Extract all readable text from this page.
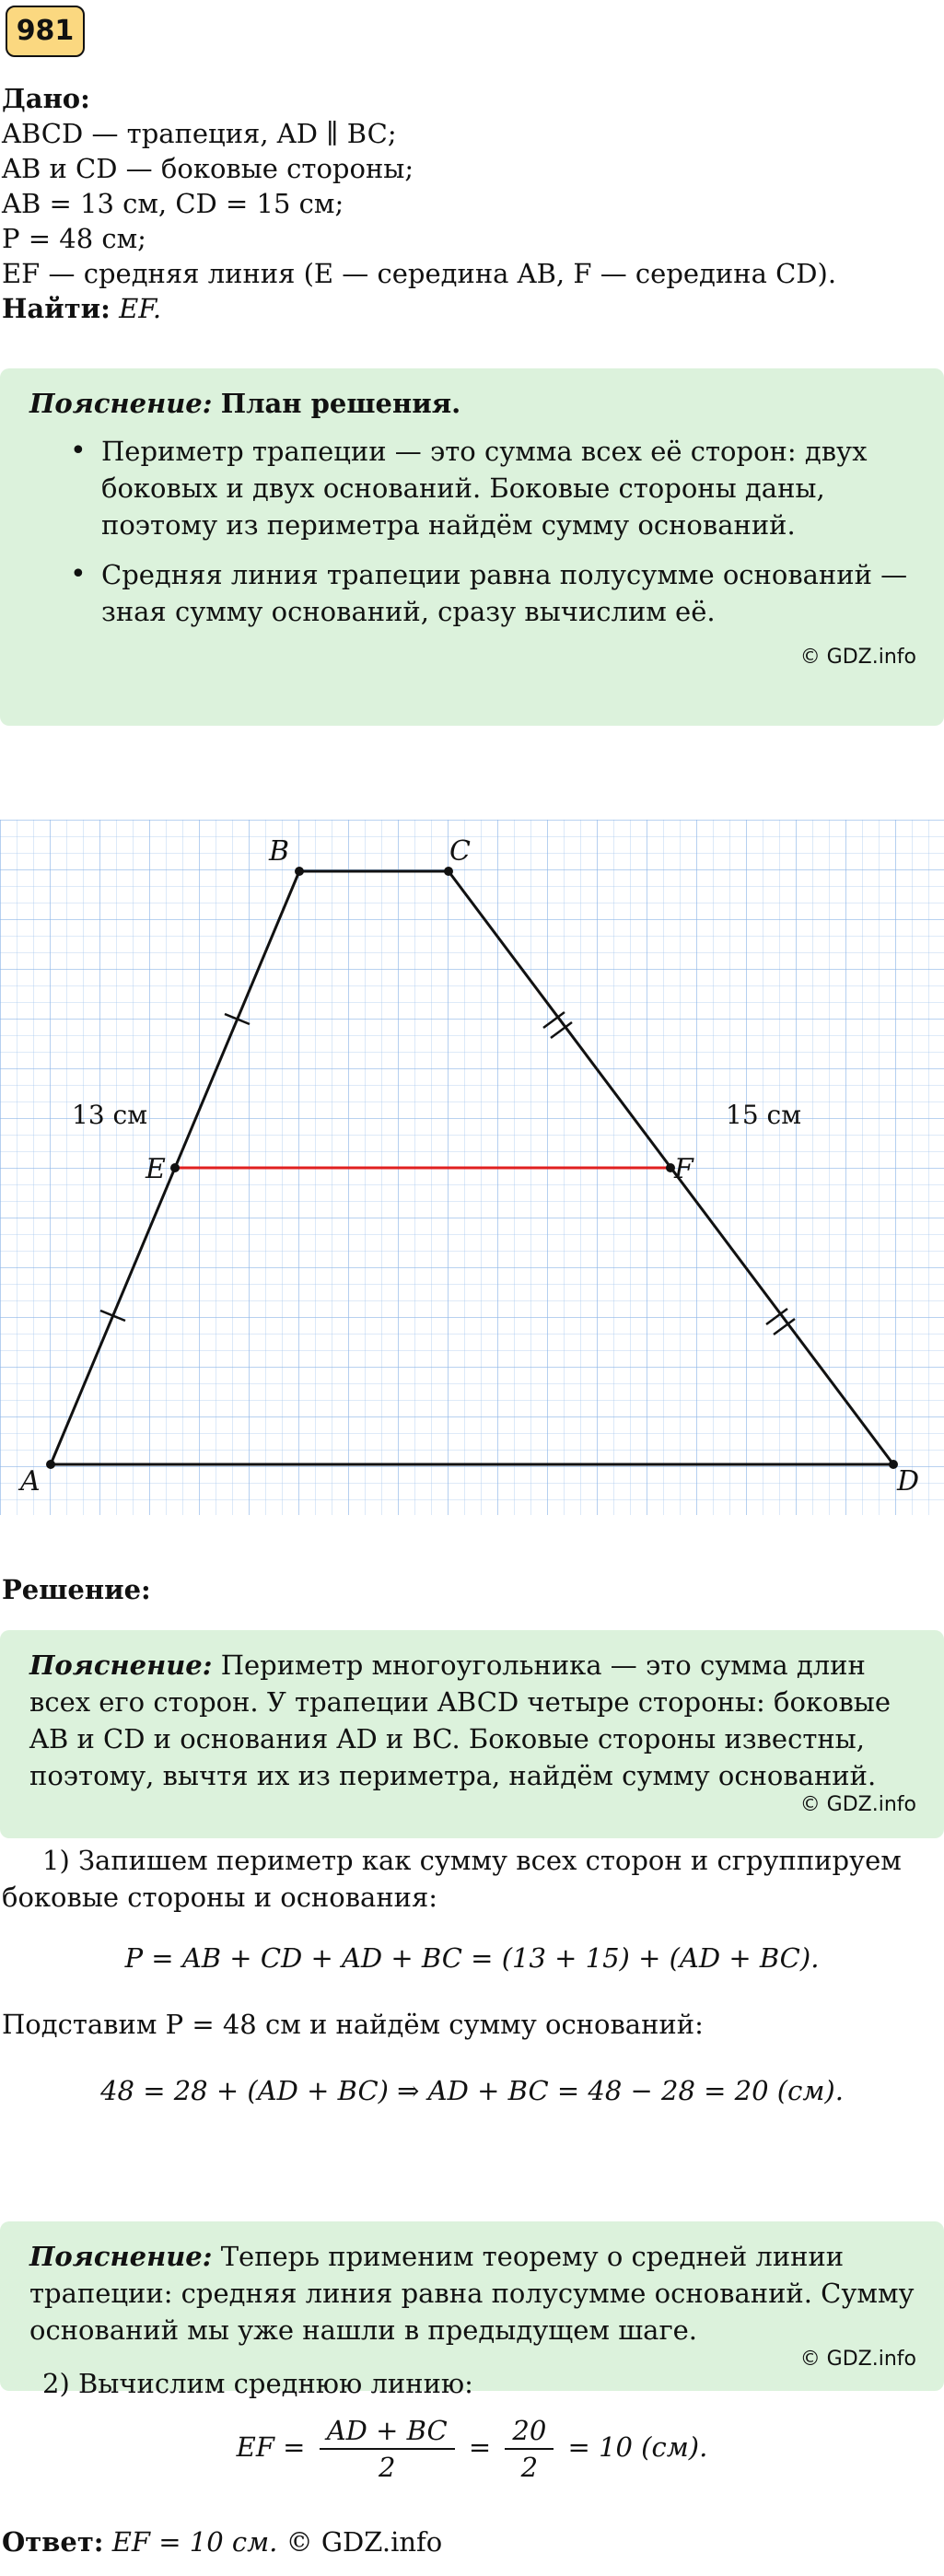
981
Дано:
ABCD — трапеция, AD ∥ BC;
AB и CD — боковые стороны;
AB = 13 см, CD = 15 см;
P = 48 см;
EF — средняя линия (E — середина AB, F — середина CD).
Найти: EF.

Пояснение: План решения.

• Периметр трапеции — это сумма всех её сторон: двух боковых и двух оснований. Боковые стороны даны, поэтому из периметра найдём сумму оснований.
• Средняя линия трапеции равна полусумме оснований — зная сумму оснований, сразу вычислим её.
© GDZ.info
A
B	C
D
E	F
13 см	15 см
Решение:

Пояснение: Периметр многоугольника — это сумма длин всех его сторон. У трапеции ABCD четыре стороны: боковые AB и CD и основания AD и BC. Боковые стороны известны, поэтому, вычтя их из периметра, найдём сумму оснований.

© GDZ.info
1) Запишем периметр как сумму всех сторон и сгруппируем боковые стороны и основания:
P = AB + CD + AD + BC = (13 + 15) + (AD + BC).
Подставим P = 48 см и найдём сумму оснований:
48 = 28 + (AD + BC) ⇒ AD + BC = 48 − 28 = 20 (см).

Пояснение: Теперь применим теорему о средней линии трапеции: средняя линия равна полусумме оснований. Сумму оснований мы уже нашли в предыдущем шаге.

© GDZ.info
2) Вычислим среднюю линию:
EF = $\frac{AD + BC}{2} = \frac{20}{2} = 10$ (см).
Ответ: EF = 10 см. © GDZ.info
